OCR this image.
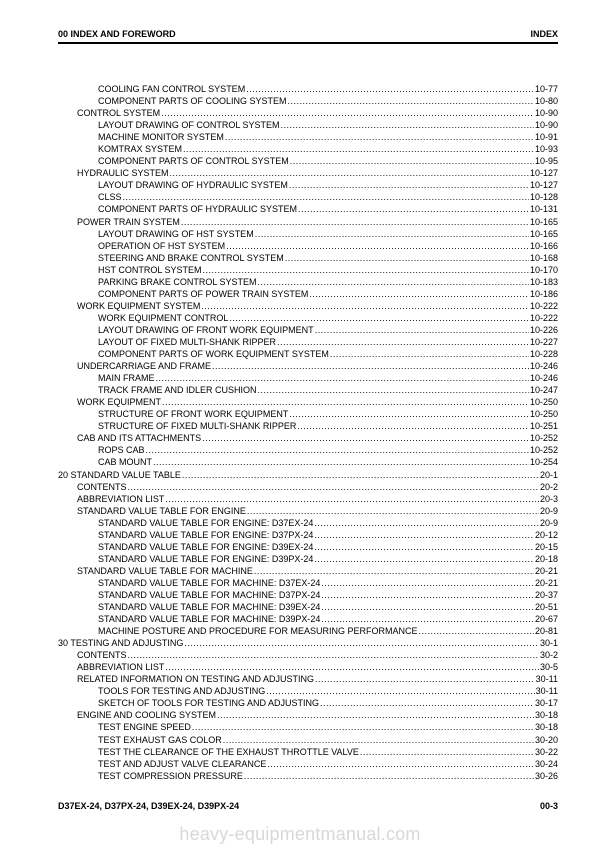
00 INDEX AND FOREWORD	INDEX
COOLING FAN CONTROL SYSTEM .....	10-77
COMPONENT PARTS OF COOLING SYSTEM .....	10-80
CONTROL SYSTEM .....	10-90
LAYOUT DRAWING OF CONTROL SYSTEM .....	10-90
MACHINE MONITOR SYSTEM .....	10-91
KOMTRAX SYSTEM .....	10-93
COMPONENT PARTS OF CONTROL SYSTEM .....	10-95
HYDRAULIC SYSTEM .....	10-127
LAYOUT DRAWING OF HYDRAULIC SYSTEM .....	10-127
CLSS .....	10-128
COMPONENT PARTS OF HYDRAULIC SYSTEM .....	10-131
POWER TRAIN SYSTEM .....	10-165
LAYOUT DRAWING OF HST SYSTEM .....	10-165
OPERATION OF HST SYSTEM .....	10-166
STEERING AND BRAKE CONTROL SYSTEM .....	10-168
HST CONTROL SYSTEM .....	10-170
PARKING BRAKE CONTROL SYSTEM .....	10-183
COMPONENT PARTS OF POWER TRAIN SYSTEM .....	10-186
WORK EQUIPMENT SYSTEM .....	10-222
WORK EQUIPMENT CONTROL .....	10-222
LAYOUT DRAWING OF FRONT WORK EQUIPMENT .....	10-226
LAYOUT OF FIXED MULTI-SHANK RIPPER .....	10-227
COMPONENT PARTS OF WORK EQUIPMENT SYSTEM .....	10-228
UNDERCARRIAGE AND FRAME .....	10-246
MAIN FRAME .....	10-246
TRACK FRAME AND IDLER CUSHION .....	10-247
WORK EQUIPMENT .....	10-250
STRUCTURE OF FRONT WORK EQUIPMENT .....	10-250
STRUCTURE OF FIXED MULTI-SHANK RIPPER .....	10-251
CAB AND ITS ATTACHMENTS .....	10-252
ROPS CAB .....	10-252
CAB MOUNT .....	10-254
20 STANDARD VALUE TABLE .....	20-1
CONTENTS .....	20-2
ABBREVIATION LIST .....	20-3
STANDARD VALUE TABLE FOR ENGINE .....	20-9
STANDARD VALUE TABLE FOR ENGINE: D37EX-24 .....	20-9
STANDARD VALUE TABLE FOR ENGINE: D37PX-24 .....	20-12
STANDARD VALUE TABLE FOR ENGINE: D39EX-24 .....	20-15
STANDARD VALUE TABLE FOR ENGINE: D39PX-24 .....	20-18
STANDARD VALUE TABLE FOR MACHINE .....	20-21
STANDARD VALUE TABLE FOR MACHINE: D37EX-24 .....	20-21
STANDARD VALUE TABLE FOR MACHINE: D37PX-24 .....	20-37
STANDARD VALUE TABLE FOR MACHINE: D39EX-24 .....	20-51
STANDARD VALUE TABLE FOR MACHINE: D39PX-24 .....	20-67
MACHINE POSTURE AND PROCEDURE FOR MEASURING PERFORMANCE .....	20-81
30 TESTING AND ADJUSTING .....	30-1
CONTENTS .....	30-2
ABBREVIATION LIST .....	30-5
RELATED INFORMATION ON TESTING AND ADJUSTING .....	30-11
TOOLS FOR TESTING AND ADJUSTING .....	30-11
SKETCH OF TOOLS FOR TESTING AND ADJUSTING .....	30-17
ENGINE AND COOLING SYSTEM .....	30-18
TEST ENGINE SPEED .....	30-18
TEST EXHAUST GAS COLOR .....	30-20
TEST THE CLEARANCE OF THE EXHAUST THROTTLE VALVE .....	30-22
TEST AND ADJUST VALVE CLEARANCE .....	30-24
TEST COMPRESSION PRESSURE .....	30-26
D37EX-24, D37PX-24, D39EX-24, D39PX-24	00-3
heavy-equipmentmanual.com
